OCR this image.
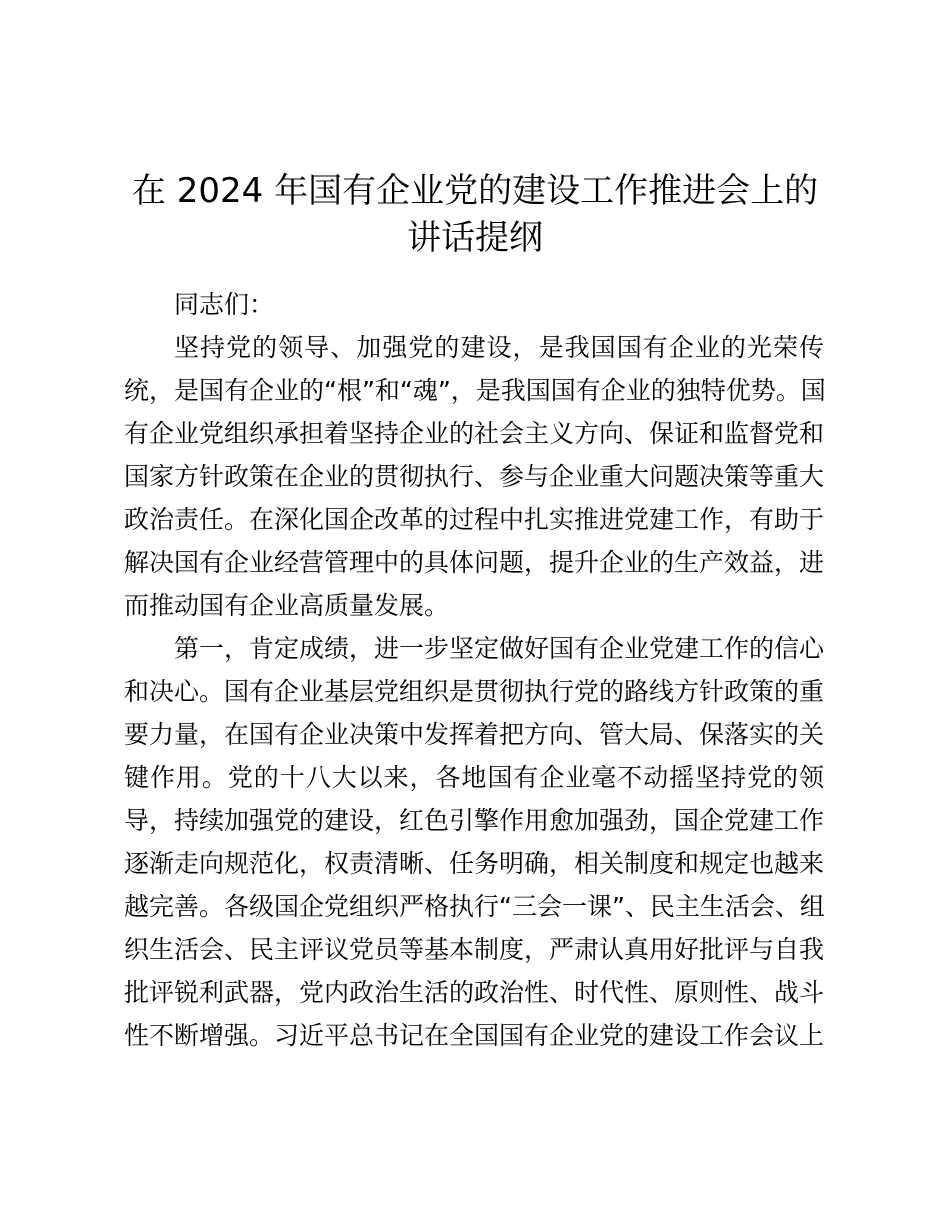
在 2024 年国有企业党的建设工作推进会上的
讲话提纲
同志们：
坚持党的领导、加强党的建设，是我国国有企业的光荣传
统，是国有企业的“根”和“魂”，是我国国有企业的独特优势。国
有企业党组织承担着坚持企业的社会主义方向、保证和监督党和
国家方针政策在企业的贯彻执行、参与企业重大问题决策等重大
政治责任。在深化国企改革的过程中扎实推进党建工作，有助于
解决国有企业经营管理中的具体问题，提升企业的生产效益，进
而推动国有企业高质量发展。
第一，肯定成绩，进一步坚定做好国有企业党建工作的信心
和决心。国有企业基层党组织是贯彻执行党的路线方针政策的重
要力量，在国有企业决策中发挥着把方向、管大局、保落实的关
键作用。党的十八大以来，各地国有企业毫不动摇坚持党的领
导，持续加强党的建设，红色引擎作用愈加强劲，国企党建工作
逐渐走向规范化，权责清晰、任务明确，相关制度和规定也越来
越完善。各级国企党组织严格执行“三会一课”、民主生活会、组
织生活会、民主评议党员等基本制度，严肃认真用好批评与自我
批评锐利武器，党内政治生活的政治性、时代性、原则性、战斗
性不断增强。习近平总书记在全国国有企业党的建设工作会议上
